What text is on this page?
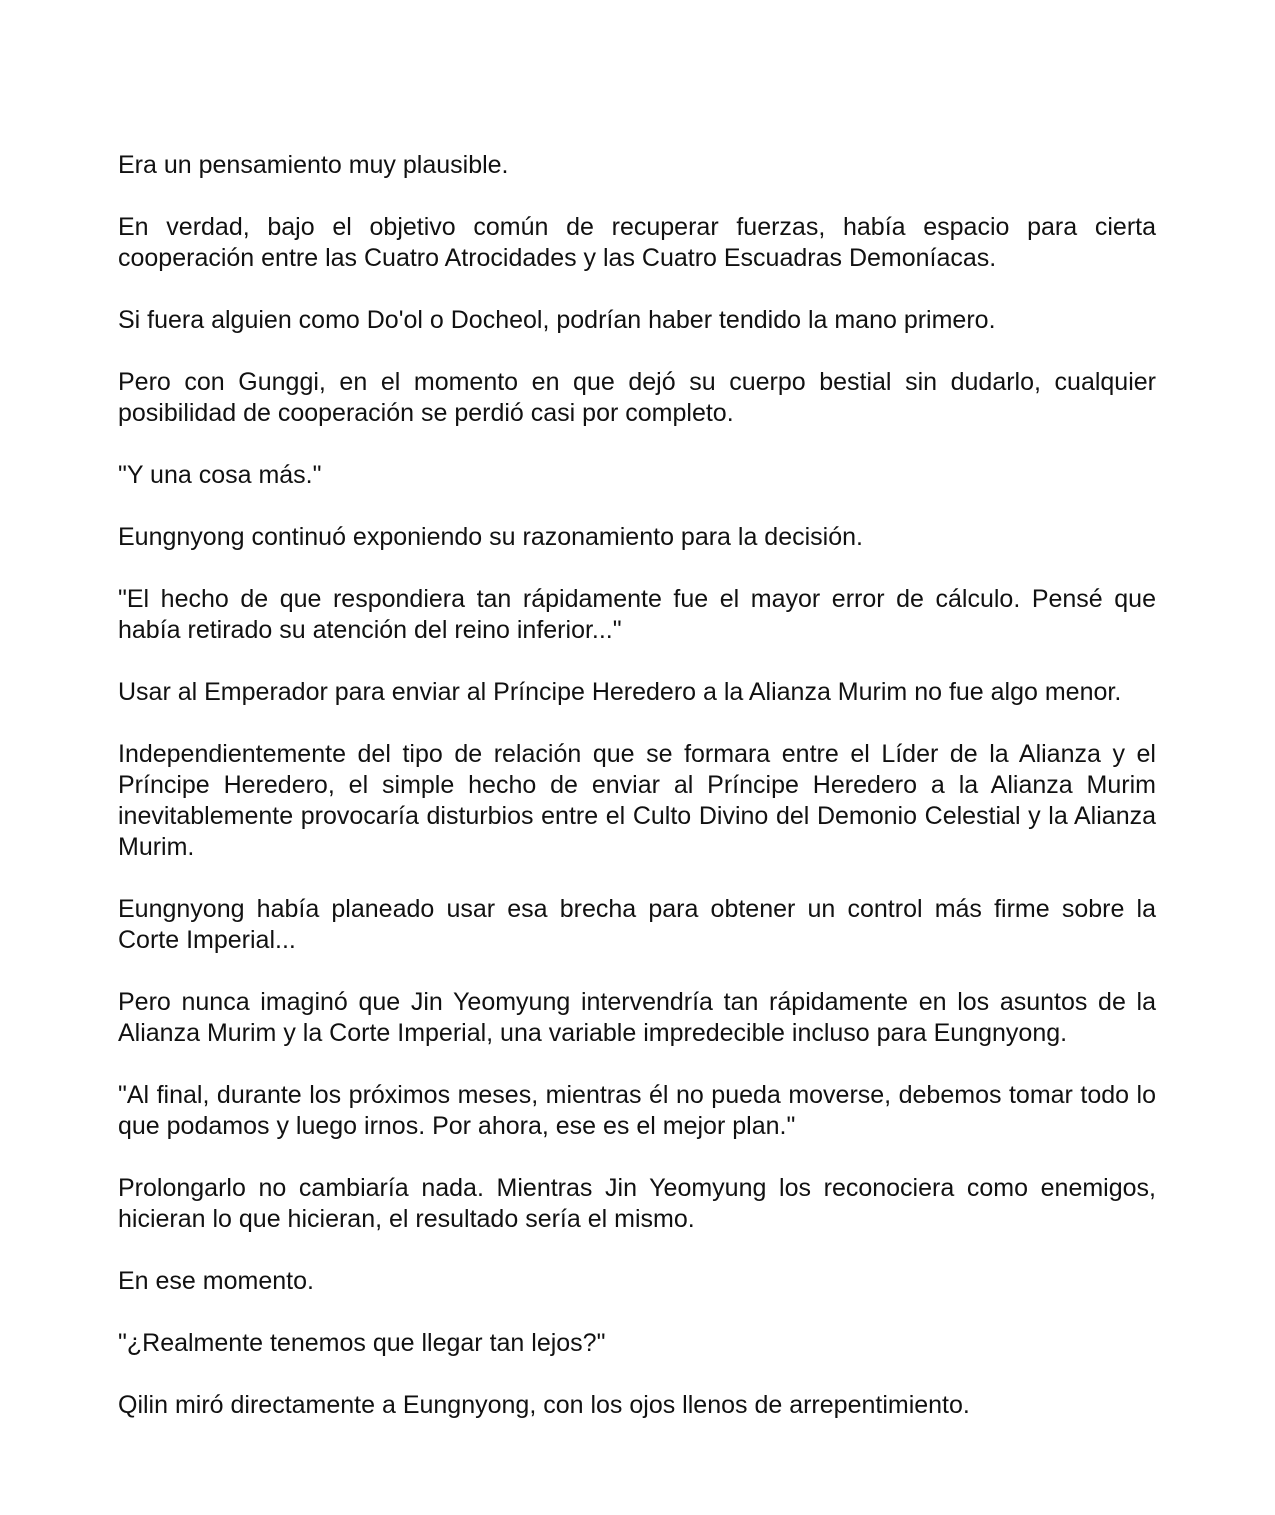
Era un pensamiento muy plausible.

En verdad, bajo el objetivo común de recuperar fuerzas, había espacio para cierta cooperación entre las Cuatro Atrocidades y las Cuatro Escuadras Demoníacas.

Si fuera alguien como Do'ol o Docheol, podrían haber tendido la mano primero.

Pero con Gunggi, en el momento en que dejó su cuerpo bestial sin dudarlo, cualquier posibilidad de cooperación se perdió casi por completo.

"Y una cosa más."

Eungnyong continuó exponiendo su razonamiento para la decisión.

"El hecho de que respondiera tan rápidamente fue el mayor error de cálculo. Pensé que había retirado su atención del reino inferior..."

Usar al Emperador para enviar al Príncipe Heredero a la Alianza Murim no fue algo menor.

Independientemente del tipo de relación que se formara entre el Líder de la Alianza y el Príncipe Heredero, el simple hecho de enviar al Príncipe Heredero a la Alianza Murim inevitablemente provocaría disturbios entre el Culto Divino del Demonio Celestial y la Alianza Murim.

Eungnyong había planeado usar esa brecha para obtener un control más firme sobre la Corte Imperial...

Pero nunca imaginó que Jin Yeomyung intervendría tan rápidamente en los asuntos de la Alianza Murim y la Corte Imperial, una variable impredecible incluso para Eungnyong.

"Al final, durante los próximos meses, mientras él no pueda moverse, debemos tomar todo lo que podamos y luego irnos. Por ahora, ese es el mejor plan."

Prolongarlo no cambiaría nada. Mientras Jin Yeomyung los reconociera como enemigos, hicieran lo que hicieran, el resultado sería el mismo.

En ese momento.

"¿Realmente tenemos que llegar tan lejos?"

Qilin miró directamente a Eungnyong, con los ojos llenos de arrepentimiento.
